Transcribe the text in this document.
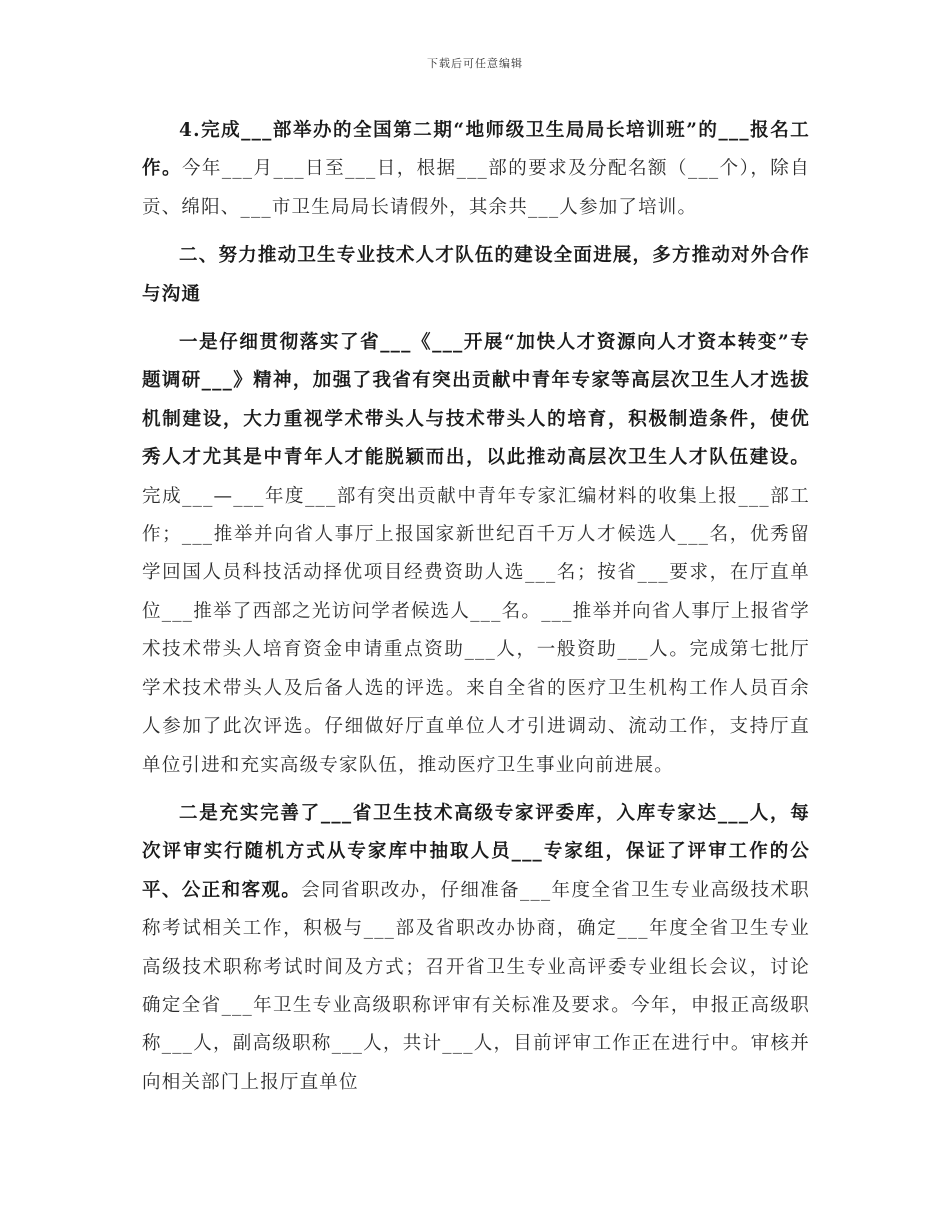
下载后可任意编辑

4.完成___部举办的全国第二期“地师级卫生局局长培训班”的___报名工作。今年___月___日至___日，根据___部的要求及分配名额（___个），除自贡、绵阳、___市卫生局局长请假外，其余共___人参加了培训。

二、努力推动卫生专业技术人才队伍的建设全面进展，多方推动对外合作与沟通

一是仔细贯彻落实了省___《___开展“加快人才资源向人才资本转变”专题调研___》精神，加强了我省有突出贡献中青年专家等高层次卫生人才选拔机制建设，大力重视学术带头人与技术带头人的培育，积极制造条件，使优秀人才尤其是中青年人才能脱颖而出，以此推动高层次卫生人才队伍建设。完成___—___年度___部有突出贡献中青年专家汇编材料的收集上报___部工作；___推举并向省人事厅上报国家新世纪百千万人才候选人___名，优秀留学回国人员科技活动择优项目经费资助人选___名；按省___要求，在厅直单位___推举了西部之光访问学者候选人___名。___推举并向省人事厅上报省学术技术带头人培育资金申请重点资助___人，一般资助___人。完成第七批厅学术技术带头人及后备人选的评选。来自全省的医疗卫生机构工作人员百余人参加了此次评选。仔细做好厅直单位人才引进调动、流动工作，支持厅直单位引进和充实高级专家队伍，推动医疗卫生事业向前进展。

二是充实完善了___省卫生技术高级专家评委库，入库专家达___人，每次评审实行随机方式从专家库中抽取人员___专家组，保证了评审工作的公平、公正和客观。会同省职改办，仔细准备___年度全省卫生专业高级技术职称考试相关工作，积极与___部及省职改办协商，确定___年度全省卫生专业高级技术职称考试时间及方式；召开省卫生专业高评委专业组长会议，讨论确定全省___年卫生专业高级职称评审有关标准及要求。今年，申报正高级职称___人，副高级职称___人，共计___人，目前评审工作正在进行中。审核并向相关部门上报厅直单位
